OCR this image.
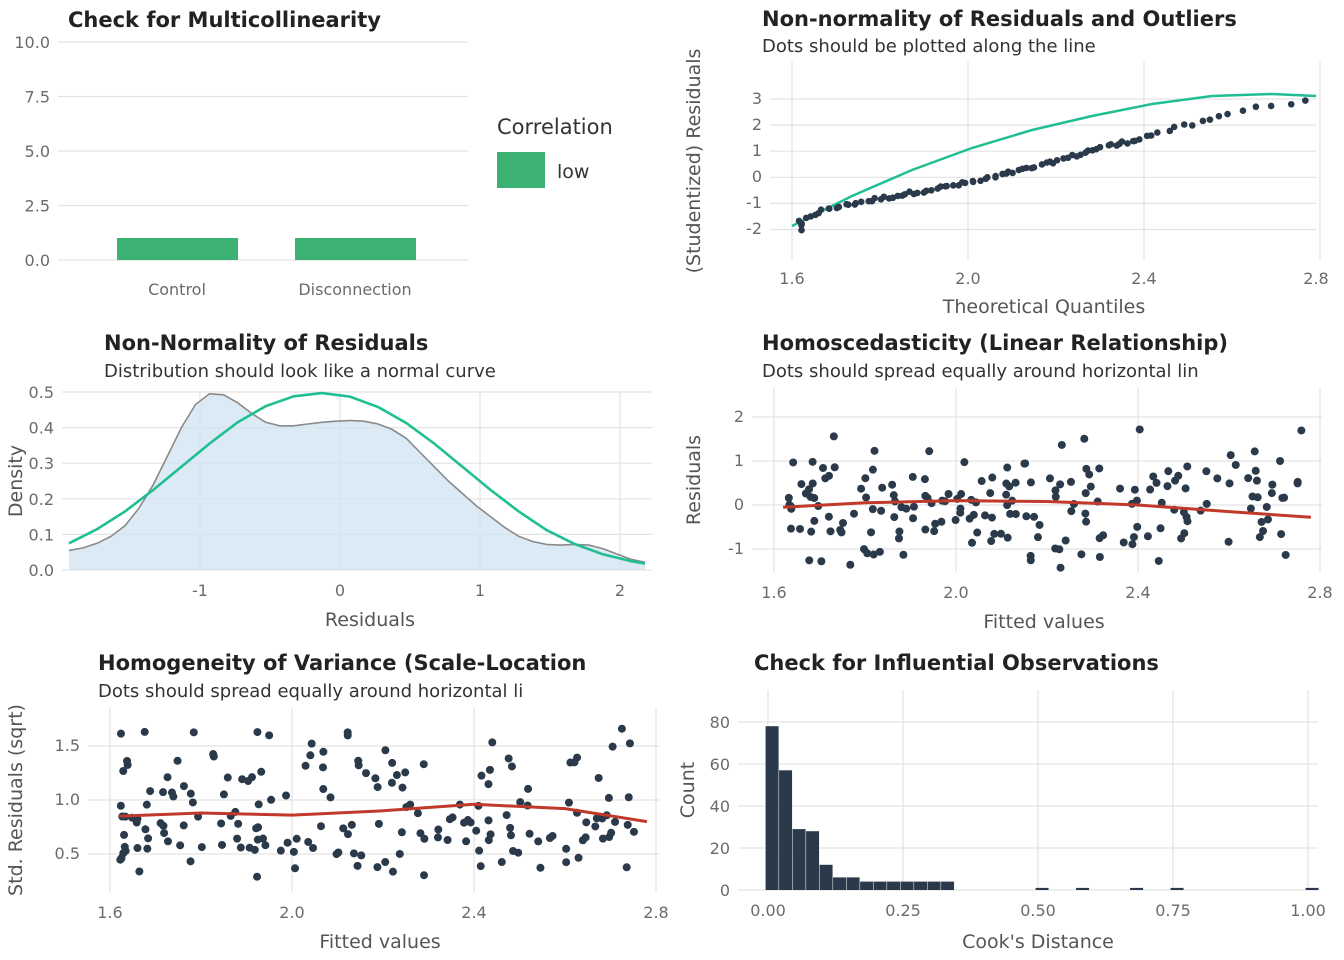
Check for Multicollinearity
0.0
2.5
5.0
7.5
10.0
Control	Disconnection
Correlation
low
Non-normality of Residuals and Outliers
Dots should be plotted along the line
-2
-1
0
1
2
3
1.6	2.0	2.4	2.8
Theoretical Quantiles
(Studentized) Residuals
Non-Normality of Residuals
Distribution should look like a normal curve
0.0
0.1
0.2
0.3
0.4
0.5
-1	0	1	2
Residuals
Density
Homoscedasticity (Linear Relationship)
Dots should spread equally around horizontal lin
-1
0
1
2
1.6	2.0	2.4	2.8
Fitted values
Residuals
Homogeneity of Variance (Scale-Location
Dots should spread equally around horizontal li
0.5
1.0
1.5
1.6	2.0	2.4	2.8
Fitted values
Std. Residuals (sqrt)
Check for Influential Observations
0
20
40
60
80
0.00	0.25	0.50	0.75	1.00
Cook's Distance
Count
